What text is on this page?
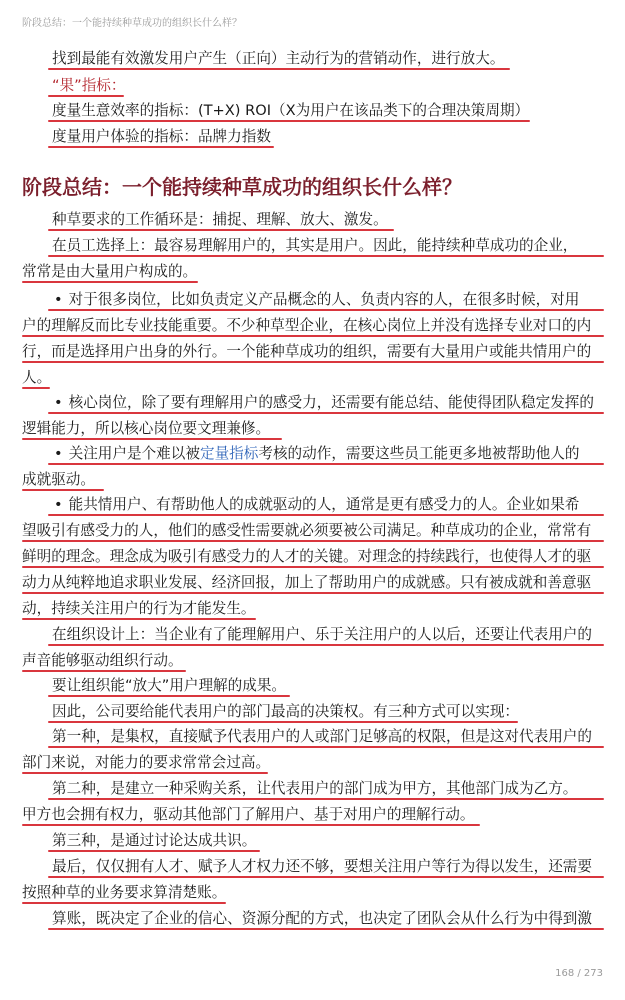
阶段总结：一个能持续种草成功的组织长什么样？
找到最能有效激发用户产生（正向）主动行为的营销动作，进行放大。
“果”指标：
度量生意效率的指标：(T+X) ROI（X为用户在该品类下的合理决策周期）
度量用户体验的指标：品牌力指数
阶段总结：一个能持续种草成功的组织长什么样？
种草要求的工作循环是：捕捉、理解、放大、激发。
在员工选择上：最容易理解用户的，其实是用户。因此，能持续种草成功的企业，
常常是由大量用户构成的。
• 对于很多岗位，比如负责定义产品概念的人、负责内容的人，在很多时候，对用
户的理解反而比专业技能重要。不少种草型企业，在核心岗位上并没有选择专业对口的内
行，而是选择用户出身的外行。一个能种草成功的组织，需要有大量用户或能共情用户的
人。
• 核心岗位，除了要有理解用户的感受力，还需要有能总结、能使得团队稳定发挥的
逻辑能力，所以核心岗位要文理兼修。
• 关注用户是个难以被定量指标考核的动作，需要这些员工能更多地被帮助他人的
成就驱动。
• 能共情用户、有帮助他人的成就驱动的人，通常是更有感受力的人。企业如果希
望吸引有感受力的人，他们的感受性需要就必须要被公司满足。种草成功的企业，常常有
鲜明的理念。理念成为吸引有感受力的人才的关键。对理念的持续践行，也使得人才的驱
动力从纯粹地追求职业发展、经济回报，加上了帮助用户的成就感。只有被成就和善意驱
动，持续关注用户的行为才能发生。
在组织设计上：当企业有了能理解用户、乐于关注用户的人以后，还要让代表用户的
声音能够驱动组织行动。
要让组织能“放大”用户理解的成果。
因此，公司要给能代表用户的部门最高的决策权。有三种方式可以实现：
第一种，是集权，直接赋予代表用户的人或部门足够高的权限，但是这对代表用户的
部门来说，对能力的要求常常会过高。
第二种，是建立一种采购关系，让代表用户的部门成为甲方，其他部门成为乙方。
甲方也会拥有权力，驱动其他部门了解用户、基于对用户的理解行动。
第三种，是通过讨论达成共识。
最后，仅仅拥有人才、赋予人才权力还不够，要想关注用户等行为得以发生，还需要
按照种草的业务要求算清楚账。
算账，既决定了企业的信心、资源分配的方式，也决定了团队会从什么行为中得到激
168 / 273
